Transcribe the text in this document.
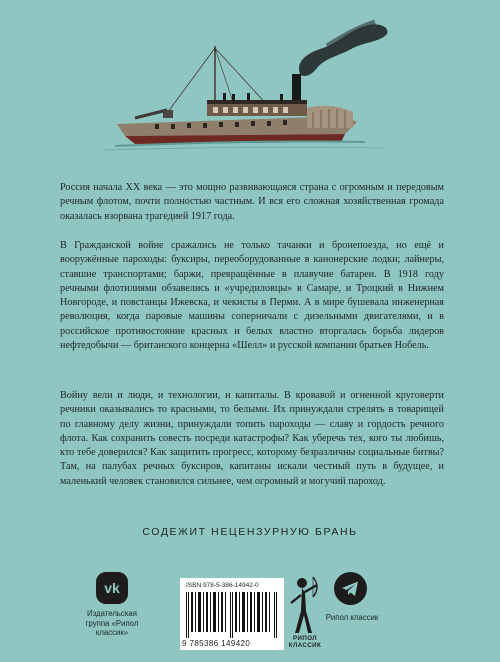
Россия начала XX века — это мощно развивающаяся страна с огромным и передовым речным флотом, почти полностью частным. И вся его сложная хозяйственная громада оказалась взорвана трагедией 1917 года.
В Гражданской войне сражались не только тачанки и бронепоезда, но ещё и вооружённые пароходы: буксиры, переоборудованные в канонерские лодки; лайнеры, ставшие транспортами; баржи, превращённые в плавучие батареи. В 1918 году речными флотилиями обзавелись и «учредиловцы» в Самаре, и Троцкий в Нижнем Новгороде, и повстанцы Ижевска, и чекисты в Перми. А в мире бушевала инженерная революция, когда паровые машины соперничали с дизельными двигателями, и в российское противостояние красных и белых властно вторгалась борьба лидеров нефтедобычи — британского концерна «Шелл» и русской компании братьев Нобель.
Войну вели и люди, и технологии, и капиталы. В кровавой и огненной круговерти речники оказывались то красными, то белыми. Их принуждали стрелять в товарищей по главному делу жизни, принуждали топить пароходы — славу и гордость речного флота. Как сохранить совесть посреди катастрофы? Как уберечь тех, кого ты любишь, кто тебе доверился? Как защитить прогресс, которому безразличны социальные битвы? Там, на палубах речных буксиров, капитаны искали честный путь в будущее, и маленький человек становился сильнее, чем огромный и могучий пароход.
СОДЕЖИТ НЕЦЕНЗУРНУЮ БРАНЬ
vk
Издательская группа «Рипол классик»
ISBN 978-5-386-14942-0
9 785386 149420
РИПОЛ КЛАССИК
Рипол классик
